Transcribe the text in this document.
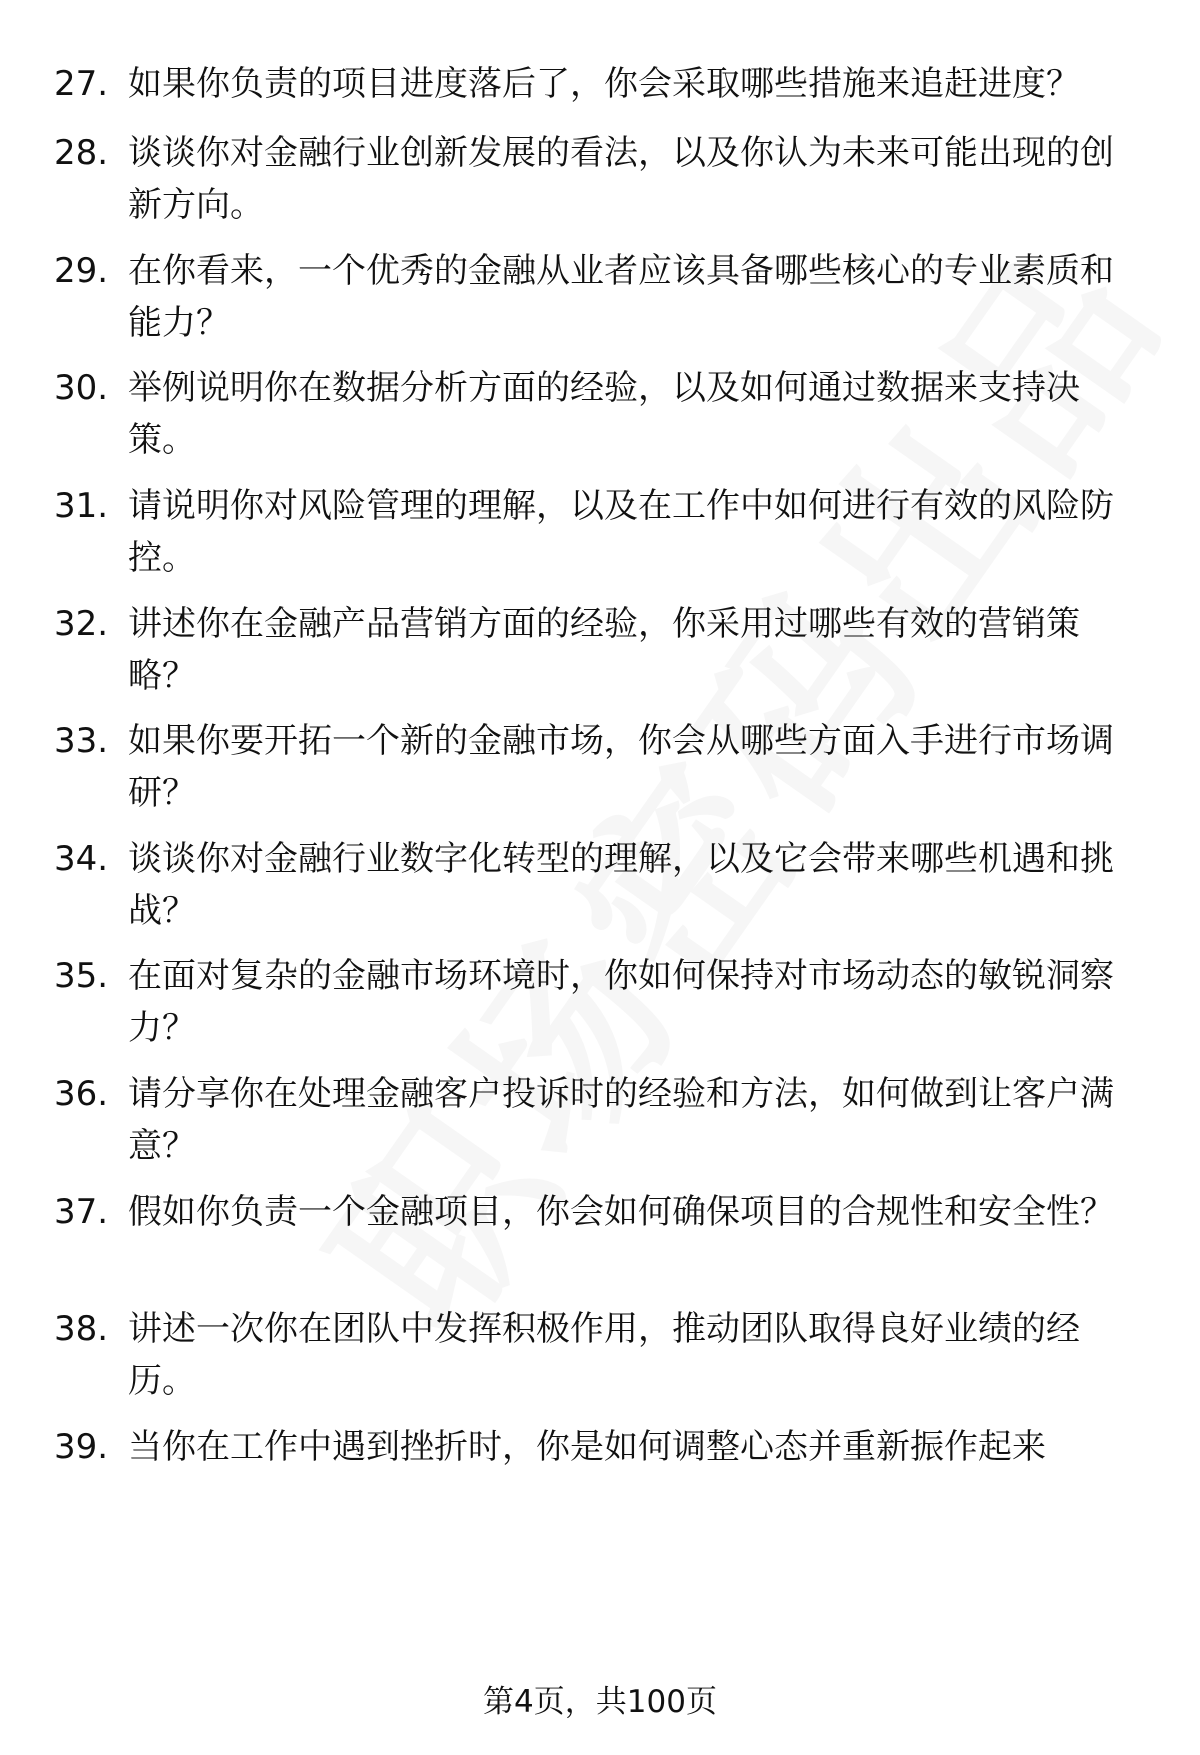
27. 如果你负责的项目进度落后了，你会采取哪些措施来追赶进度？
28. 谈谈你对金融行业创新发展的看法，以及你认为未来可能出现的创新方向。
29. 在你看来，一个优秀的金融从业者应该具备哪些核心的专业素质和能力？
30. 举例说明你在数据分析方面的经验，以及如何通过数据来支持决策。
31. 请说明你对风险管理的理解，以及在工作中如何进行有效的风险防控。
32. 讲述你在金融产品营销方面的经验，你采用过哪些有效的营销策略？
33. 如果你要开拓一个新的金融市场，你会从哪些方面入手进行市场调研？
34. 谈谈你对金融行业数字化转型的理解，以及它会带来哪些机遇和挑战？
35. 在面对复杂的金融市场环境时，你如何保持对市场动态的敏锐洞察力？
36. 请分享你在处理金融客户投诉时的经验和方法，如何做到让客户满意？
37. 假如你负责一个金融项目，你会如何确保项目的合规性和安全性？
38. 讲述一次你在团队中发挥积极作用，推动团队取得良好业绩的经历。
39. 当你在工作中遇到挫折时，你是如何调整心态并重新振作起来
第4页，共100页
